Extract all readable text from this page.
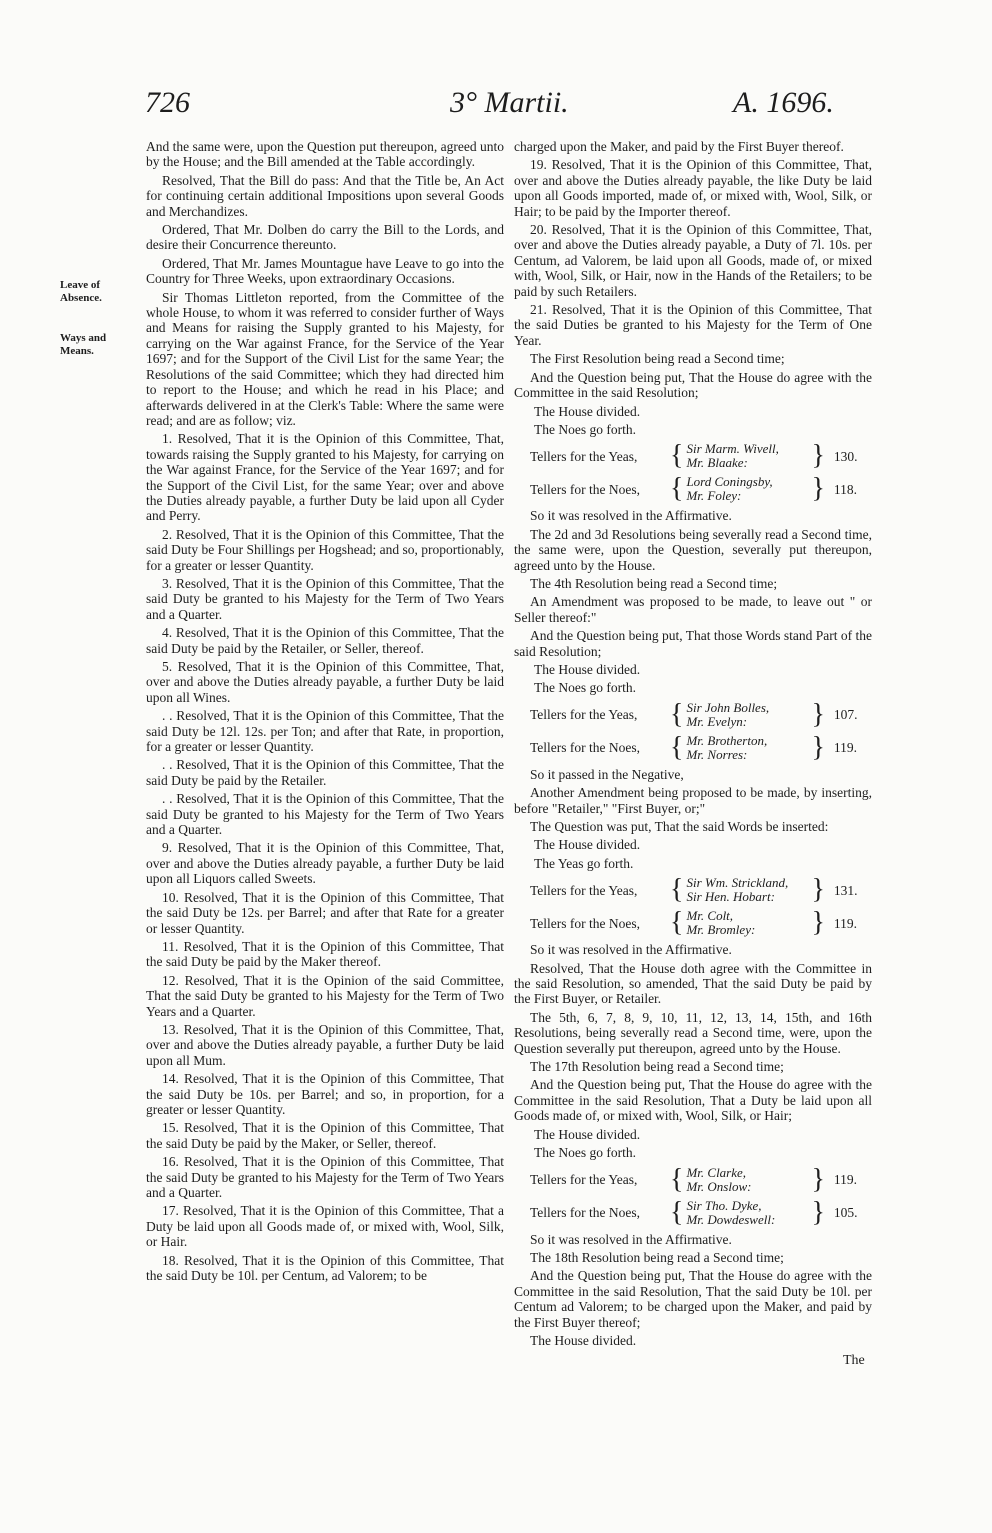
726	3° Martii.	A. 1696.
Leave of
Absence.
Ways and
Means.

And the same were, upon the Question put thereupon, agreed unto by the House; and the Bill amended at the Table accordingly.

Resolved, That the Bill do pass: And that the Title be, An Act for continuing certain additional Impositions upon several Goods and Merchandizes.

Ordered, That Mr. Dolben do carry the Bill to the Lords, and desire their Concurrence thereunto.

Ordered, That Mr. James Mountague have Leave to go into the Country for Three Weeks, upon extraordinary Occasions.

Sir Thomas Littleton reported, from the Committee of the whole House, to whom it was referred to consider further of Ways and Means for raising the Supply granted to his Majesty, for carrying on the War against France, for the Service of the Year 1697; and for the Support of the Civil List for the same Year; the Resolutions of the said Committee; which they had directed him to report to the House; and which he read in his Place; and afterwards delivered in at the Clerk's Table: Where the same were read; and are as follow; viz.

1. Resolved, That it is the Opinion of this Committee, That, towards raising the Supply granted to his Majesty, for carrying on the War against France, for the Service of the Year 1697; and for the Support of the Civil List, for the same Year; over and above the Duties already payable, a further Duty be laid upon all Cyder and Perry.

2. Resolved, That it is the Opinion of this Committee, That the said Duty be Four Shillings per Hogshead; and so, proportionably, for a greater or lesser Quantity.

3. Resolved, That it is the Opinion of this Committee, That the said Duty be granted to his Majesty for the Term of Two Years and a Quarter.

4. Resolved, That it is the Opinion of this Committee, That the said Duty be paid by the Retailer, or Seller, thereof.

5. Resolved, That it is the Opinion of this Committee, That, over and above the Duties already payable, a further Duty be laid upon all Wines.

. . Resolved, That it is the Opinion of this Committee, That the said Duty be 12l. 12s. per Ton; and after that Rate, in proportion, for a greater or lesser Quantity.

. . Resolved, That it is the Opinion of this Committee, That the said Duty be paid by the Retailer.

. . Resolved, That it is the Opinion of this Committee, That the said Duty be granted to his Majesty for the Term of Two Years and a Quarter.

9. Resolved, That it is the Opinion of this Committee, That, over and above the Duties already payable, a further Duty be laid upon all Liquors called Sweets.

10. Resolved, That it is the Opinion of this Committee, That the said Duty be 12s. per Barrel; and after that Rate for a greater or lesser Quantity.

11. Resolved, That it is the Opinion of this Committee, That the said Duty be paid by the Maker thereof.

12. Resolved, That it is the Opinion of the said Committee, That the said Duty be granted to his Majesty for the Term of Two Years and a Quarter.

13. Resolved, That it is the Opinion of this Committee, That, over and above the Duties already payable, a further Duty be laid upon all Mum.

14. Resolved, That it is the Opinion of this Committee, That the said Duty be 10s. per Barrel; and so, in proportion, for a greater or lesser Quantity.

15. Resolved, That it is the Opinion of this Committee, That the said Duty be paid by the Maker, or Seller, thereof.

16. Resolved, That it is the Opinion of this Committee, That the said Duty be granted to his Majesty for the Term of Two Years and a Quarter.

17. Resolved, That it is the Opinion of this Committee, That a Duty be laid upon all Goods made of, or mixed with, Wool, Silk, or Hair.

18. Resolved, That it is the Opinion of this Committee, That the said Duty be 10l. per Centum, ad Valorem; to be

charged upon the Maker, and paid by the First Buyer thereof.

19. Resolved, That it is the Opinion of this Committee, That, over and above the Duties already payable, the like Duty be laid upon all Goods imported, made of, or mixed with, Wool, Silk, or Hair; to be paid by the Importer thereof.

20. Resolved, That it is the Opinion of this Committee, That, over and above the Duties already payable, a Duty of 7l. 10s. per Centum, ad Valorem, be laid upon all Goods, made of, or mixed with, Wool, Silk, or Hair, now in the Hands of the Retailers; to be paid by such Retailers.

21. Resolved, That it is the Opinion of this Committee, That the said Duties be granted to his Majesty for the Term of One Year.

The First Resolution being read a Second time;

And the Question being put, That the House do agree with the Committee in the said Resolution;

The House divided.

The Noes go forth.

Tellers for the Yeas,	{ Sir Marm. Wivell,
Mr. Blaake:	} 130.
Tellers for the Noes,	{ Lord Coningsby,
Mr. Foley:	} 118.

So it was resolved in the Affirmative.

The 2d and 3d Resolutions being severally read a Second time, the same were, upon the Question, severally put thereupon, agreed unto by the House.

The 4th Resolution being read a Second time;

An Amendment was proposed to be made, to leave out " or Seller thereof:"

And the Question being put, That those Words stand Part of the said Resolution;

The House divided.

The Noes go forth.

Tellers for the Yeas,	{ Sir John Bolles,
Mr. Evelyn:	} 107.
Tellers for the Noes,	{ Mr. Brotherton,
Mr. Norres:	} 119.

So it passed in the Negative,

Another Amendment being proposed to be made, by inserting, before "Retailer," "First Buyer, or;"

The Question was put, That the said Words be inserted:

The House divided.

The Yeas go forth.

Tellers for the Yeas,	{ Sir Wm. Strickland,
Sir Hen. Hobart:	} 131.
Tellers for the Noes,	{ Mr. Colt,
Mr. Bromley:	} 119.

So it was resolved in the Affirmative.

Resolved, That the House doth agree with the Committee in the said Resolution, so amended, That the said Duty be paid by the First Buyer, or Retailer.

The 5th, 6, 7, 8, 9, 10, 11, 12, 13, 14, 15th, and 16th Resolutions, being severally read a Second time, were, upon the Question severally put thereupon, agreed unto by the House.

The 17th Resolution being read a Second time;

And the Question being put, That the House do agree with the Committee in the said Resolution, That a Duty be laid upon all Goods made of, or mixed with, Wool, Silk, or Hair;

The House divided.

The Noes go forth.

Tellers for the Yeas,	{ Mr. Clarke,
Mr. Onslow:	} 119.
Tellers for the Noes,	{ Sir Tho. Dyke,
Mr. Dowdeswell:	} 105.

So it was resolved in the Affirmative.

The 18th Resolution being read a Second time;

And the Question being put, That the House do agree with the Committee in the said Resolution, That the said Duty be 10l. per Centum ad Valorem; to be charged upon the Maker, and paid by the First Buyer thereof;

The House divided.

The
